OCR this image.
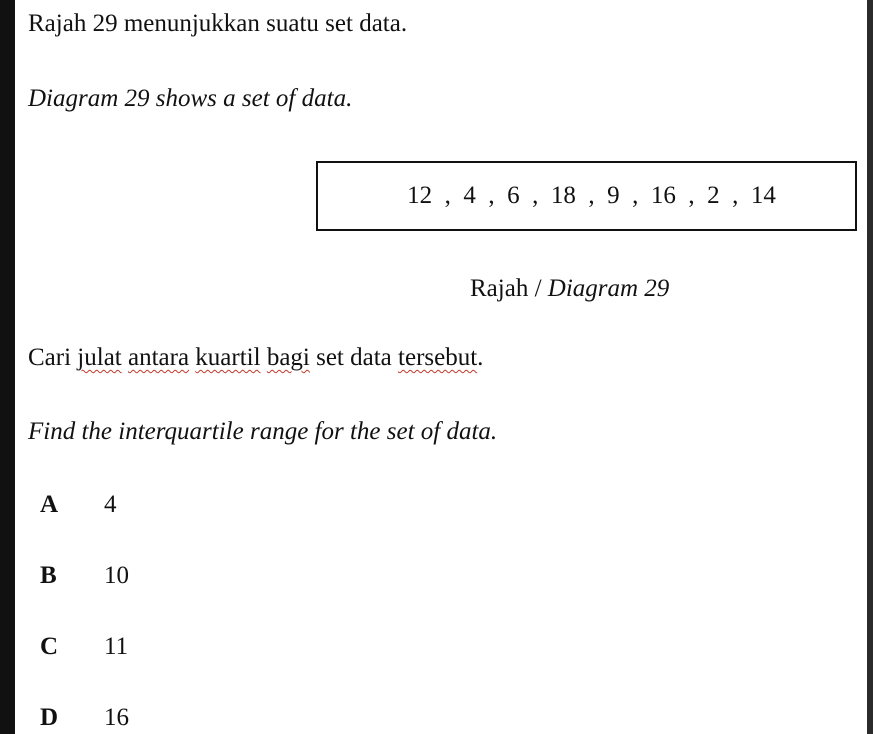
Rajah 29 menunjukkan suatu set data.
Diagram 29 shows a set of data.
12  ,  4  ,  6  ,  18  ,  9  ,  16  ,  2  ,  14
Rajah / Diagram 29
Cari julat antara kuartil bagi set data tersebut.
Find the interquartile range for the set of data.
A 4
B 10
C 11
D 16
